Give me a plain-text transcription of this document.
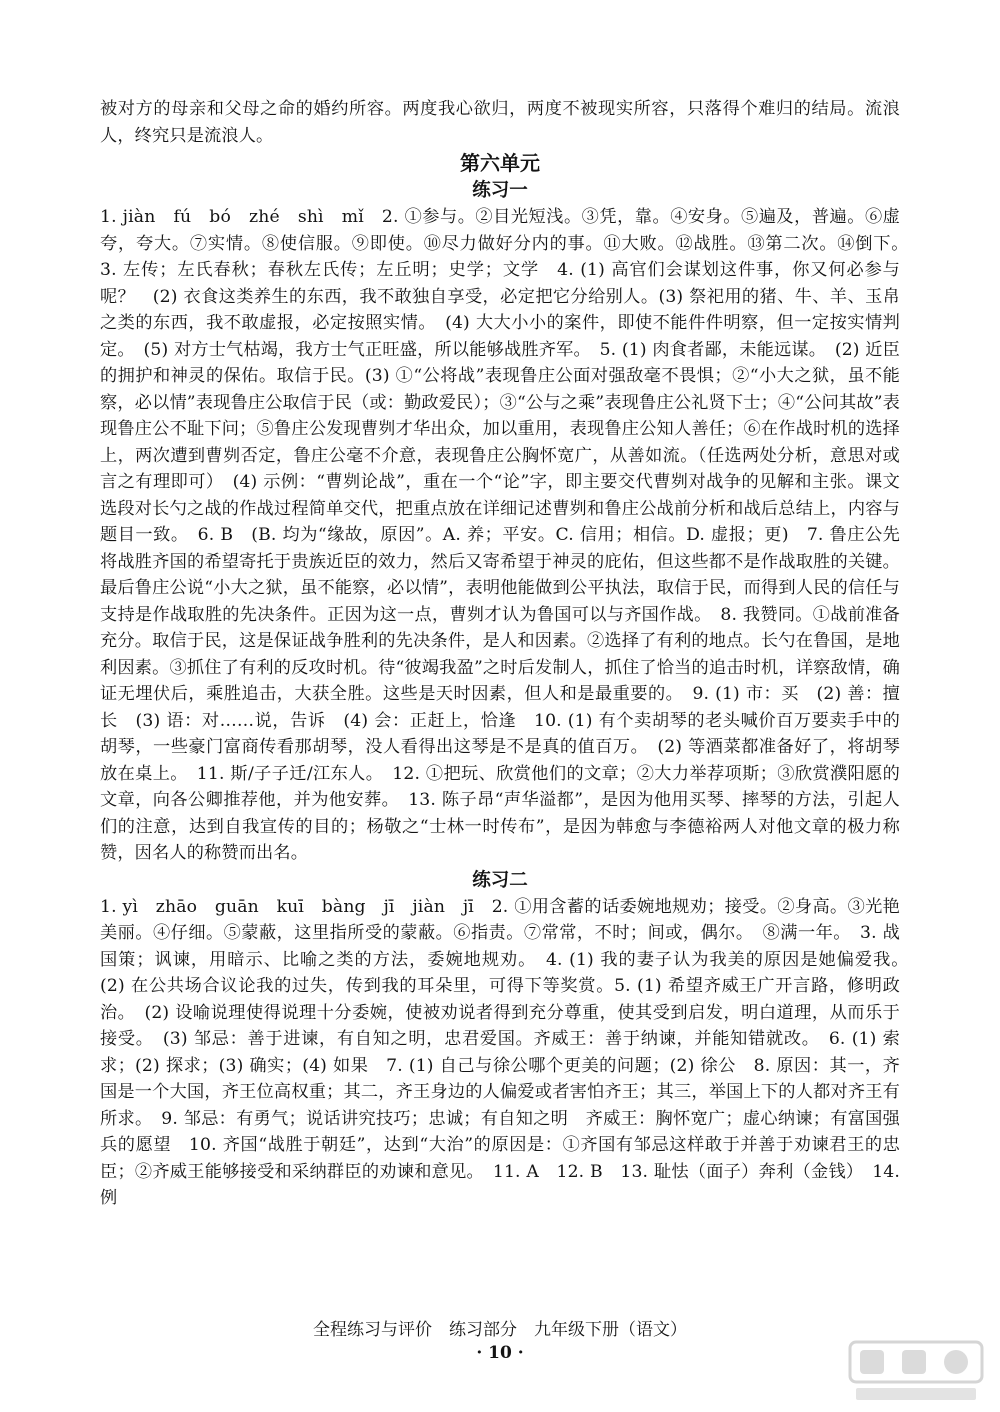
被对方的母亲和父母之命的婚约所容。两度我心欲归，两度不被现实所容，只落得个难归的结局。流浪人，终究只是流浪人。

第六单元
练习一

1. jiàn　fú　bó　zhé　shì　mǐ　2. ①参与。②目光短浅。③凭，靠。④安身。⑤遍及，普遍。⑥虚夸，夸大。⑦实情。⑧使信服。⑨即使。⑩尽力做好分内的事。⑪大败。⑫战胜。⑬第二次。⑭倒下。　3. 左传；左氏春秋；春秋左氏传；左丘明；史学；文学　4. (1) 高官们会谋划这件事，你又何必参与呢？　(2) 衣食这类养生的东西，我不敢独自享受，必定把它分给别人。(3) 祭祀用的猪、牛、羊、玉帛之类的东西，我不敢虚报，必定按照实情。　(4) 大大小小的案件，即使不能件件明察，但一定按实情判定。　(5) 对方士气枯竭，我方士气正旺盛，所以能够战胜齐军。　5. (1) 肉食者鄙，未能远谋。　(2) 近臣的拥护和神灵的保佑。取信于民。(3) ①“公将战”表现鲁庄公面对强敌毫不畏惧；②“小大之狱，虽不能察，必以情”表现鲁庄公取信于民（或：勤政爱民）；③“公与之乘”表现鲁庄公礼贤下士；④“公问其故”表现鲁庄公不耻下问；⑤鲁庄公发现曹刿才华出众，加以重用，表现鲁庄公知人善任；⑥在作战时机的选择上，两次遭到曹刿否定，鲁庄公毫不介意，表现鲁庄公胸怀宽广，从善如流。（任选两处分析，意思对或言之有理即可）　(4) 示例：“曹刿论战”，重在一个“论”字，即主要交代曹刿对战争的见解和主张。课文选段对长勺之战的作战过程简单交代，把重点放在详细记述曹刿和鲁庄公战前分析和战后总结上，内容与题目一致。　6. B　(B. 均为“缘故，原因”。A. 养；平安。C. 信用；相信。D. 虚报；更)　7. 鲁庄公先将战胜齐国的希望寄托于贵族近臣的效力，然后又寄希望于神灵的庇佑，但这些都不是作战取胜的关键。最后鲁庄公说“小大之狱，虽不能察，必以情”，表明他能做到公平执法，取信于民，而得到人民的信任与支持是作战取胜的先决条件。正因为这一点，曹刿才认为鲁国可以与齐国作战。　8. 我赞同。①战前准备充分。取信于民，这是保证战争胜利的先决条件，是人和因素。②选择了有利的地点。长勺在鲁国，是地利因素。③抓住了有利的反攻时机。待“彼竭我盈”之时后发制人，抓住了恰当的追击时机，详察敌情，确证无埋伏后，乘胜追击，大获全胜。这些是天时因素，但人和是最重要的。　9. (1) 市：买　(2) 善：擅长　(3) 语：对……说，告诉　(4) 会：正赶上，恰逢　10. (1) 有个卖胡琴的老头喊价百万要卖手中的胡琴，一些豪门富商传看那胡琴，没人看得出这琴是不是真的值百万。　(2) 等酒菜都准备好了，将胡琴放在桌上。　11. 斯/子子迁/江东人。　12. ①把玩、欣赏他们的文章；②大力举荐项斯；③欣赏濮阳愿的文章，向各公卿推荐他，并为他安葬。　13. 陈子昂“声华溢都”，是因为他用买琴、摔琴的方法，引起人们的注意，达到自我宣传的目的；杨敬之“士林一时传布”，是因为韩愈与李德裕两人对他文章的极力称赞，因名人的称赞而出名。

练习二

1. yì　zhāo　guān　kuī　bàng　jī　jiàn　jī　2. ①用含蓄的话委婉地规劝；接受。②身高。③光艳美丽。④仔细。⑤蒙蔽，这里指所受的蒙蔽。⑥指责。⑦常常，不时；间或，偶尔。　⑧满一年。　3. 战国策；讽谏，用暗示、比喻之类的方法，委婉地规劝。　4. (1) 我的妻子认为我美的原因是她偏爱我。　(2) 在公共场合议论我的过失，传到我的耳朵里，可得下等奖赏。5. (1) 希望齐威王广开言路，修明政治。　(2) 设喻说理使得说理十分委婉，使被劝说者得到充分尊重，使其受到启发，明白道理，从而乐于接受。　(3) 邹忌：善于进谏，有自知之明，忠君爱国。齐威王：善于纳谏，并能知错就改。　6. (1) 索求；(2) 探求；(3) 确实；(4) 如果　7. (1) 自己与徐公哪个更美的问题；(2) 徐公　8. 原因：其一，齐国是一个大国，齐王位高权重；其二，齐王身边的人偏爱或者害怕齐王；其三，举国上下的人都对齐王有所求。　9. 邹忌：有勇气；说话讲究技巧；忠诚；有自知之明　齐威王：胸怀宽广；虚心纳谏；有富国强兵的愿望　10. 齐国“战胜于朝廷”，达到“大治”的原因是：①齐国有邹忌这样敢于并善于劝谏君王的忠臣；②齐威王能够接受和采纳群臣的劝谏和意见。　11. A　12. B　13. 耻怯（面子）奔利（金钱）　14. 例

全程练习与评价　练习部分　九年级下册（语文）
· 10 ·
